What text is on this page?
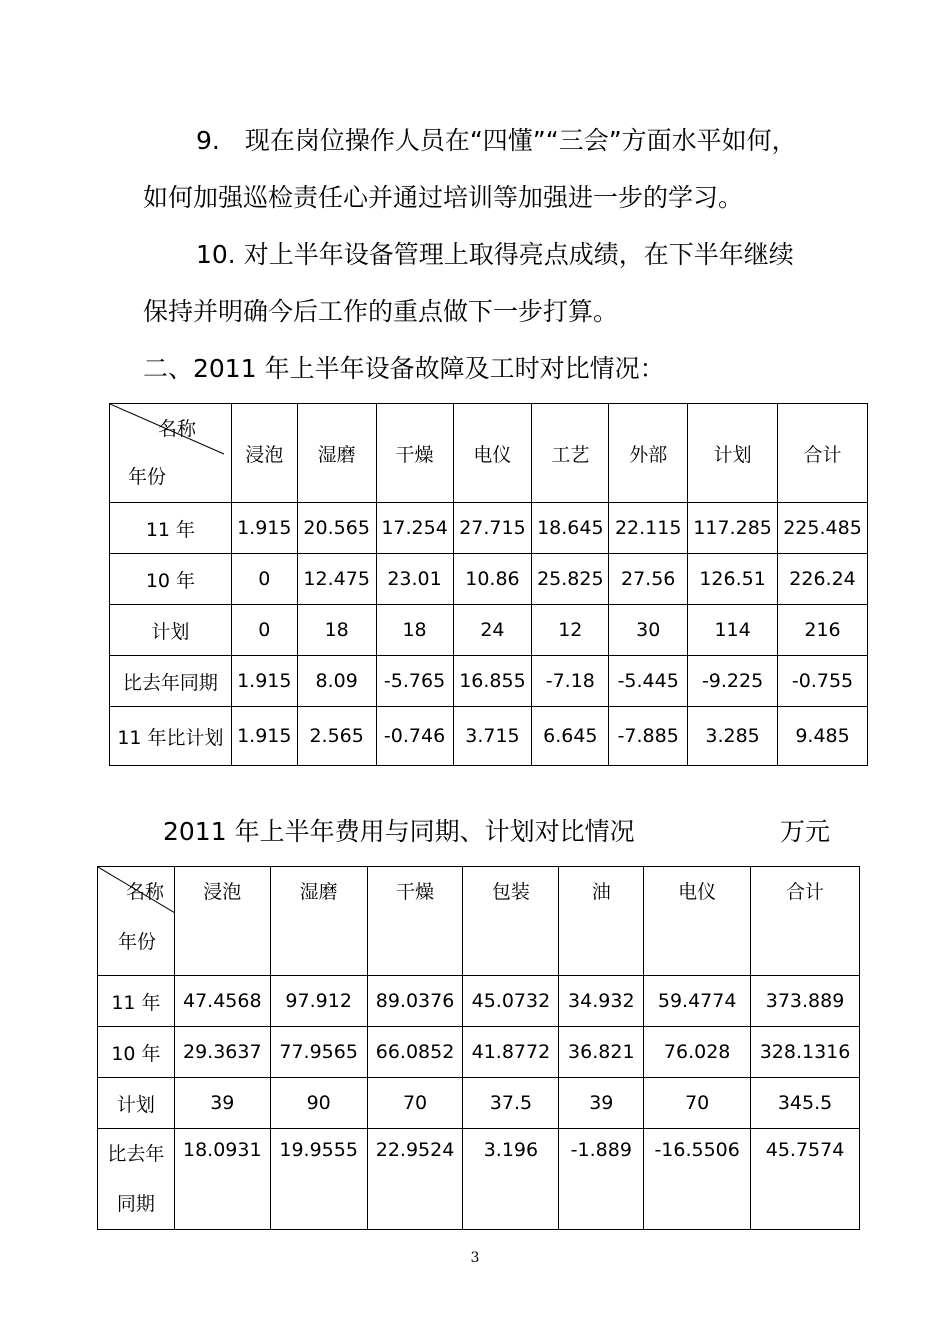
9.　现在岗位操作人员在“四懂”“三会”方面水平如何，
如何加强巡检责任心并通过培训等加强进一步的学习。
10. 对上半年设备管理上取得亮点成绩，在下半年继续
保持并明确今后工作的重点做下一步打算。
二、2011 年上半年设备故障及工时对比情况：
名称
年份	浸泡	湿磨	干燥	电仪	工艺	外部	计划	合计
11 年	1.915	20.565	17.254	27.715	18.645	22.115	117.285	225.485
10 年	0	12.475	23.01	10.86	25.825	27.56	126.51	226.24
计划	0	18	18	24	12	30	114	216
比去年同期	1.915	8.09	-5.765	16.855	-7.18	-5.445	-9.225	-0.755
11 年比计划	1.915	2.565	-0.746	3.715	6.645	-7.885	3.285	9.485
2011 年上半年费用与同期、计划对比情况	万元
名称
年份	浸泡	湿磨	干燥	包装	油	电仪	合计
11 年	47.4568	97.912	89.0376	45.0732	34.932	59.4774	373.889
10 年	29.3637	77.9565	66.0852	41.8772	36.821	76.028	328.1316
计划	39	90	70	37.5	39	70	345.5
比去年
同期	18.0931	19.9555	22.9524	3.196	-1.889	-16.5506	45.7574
3
